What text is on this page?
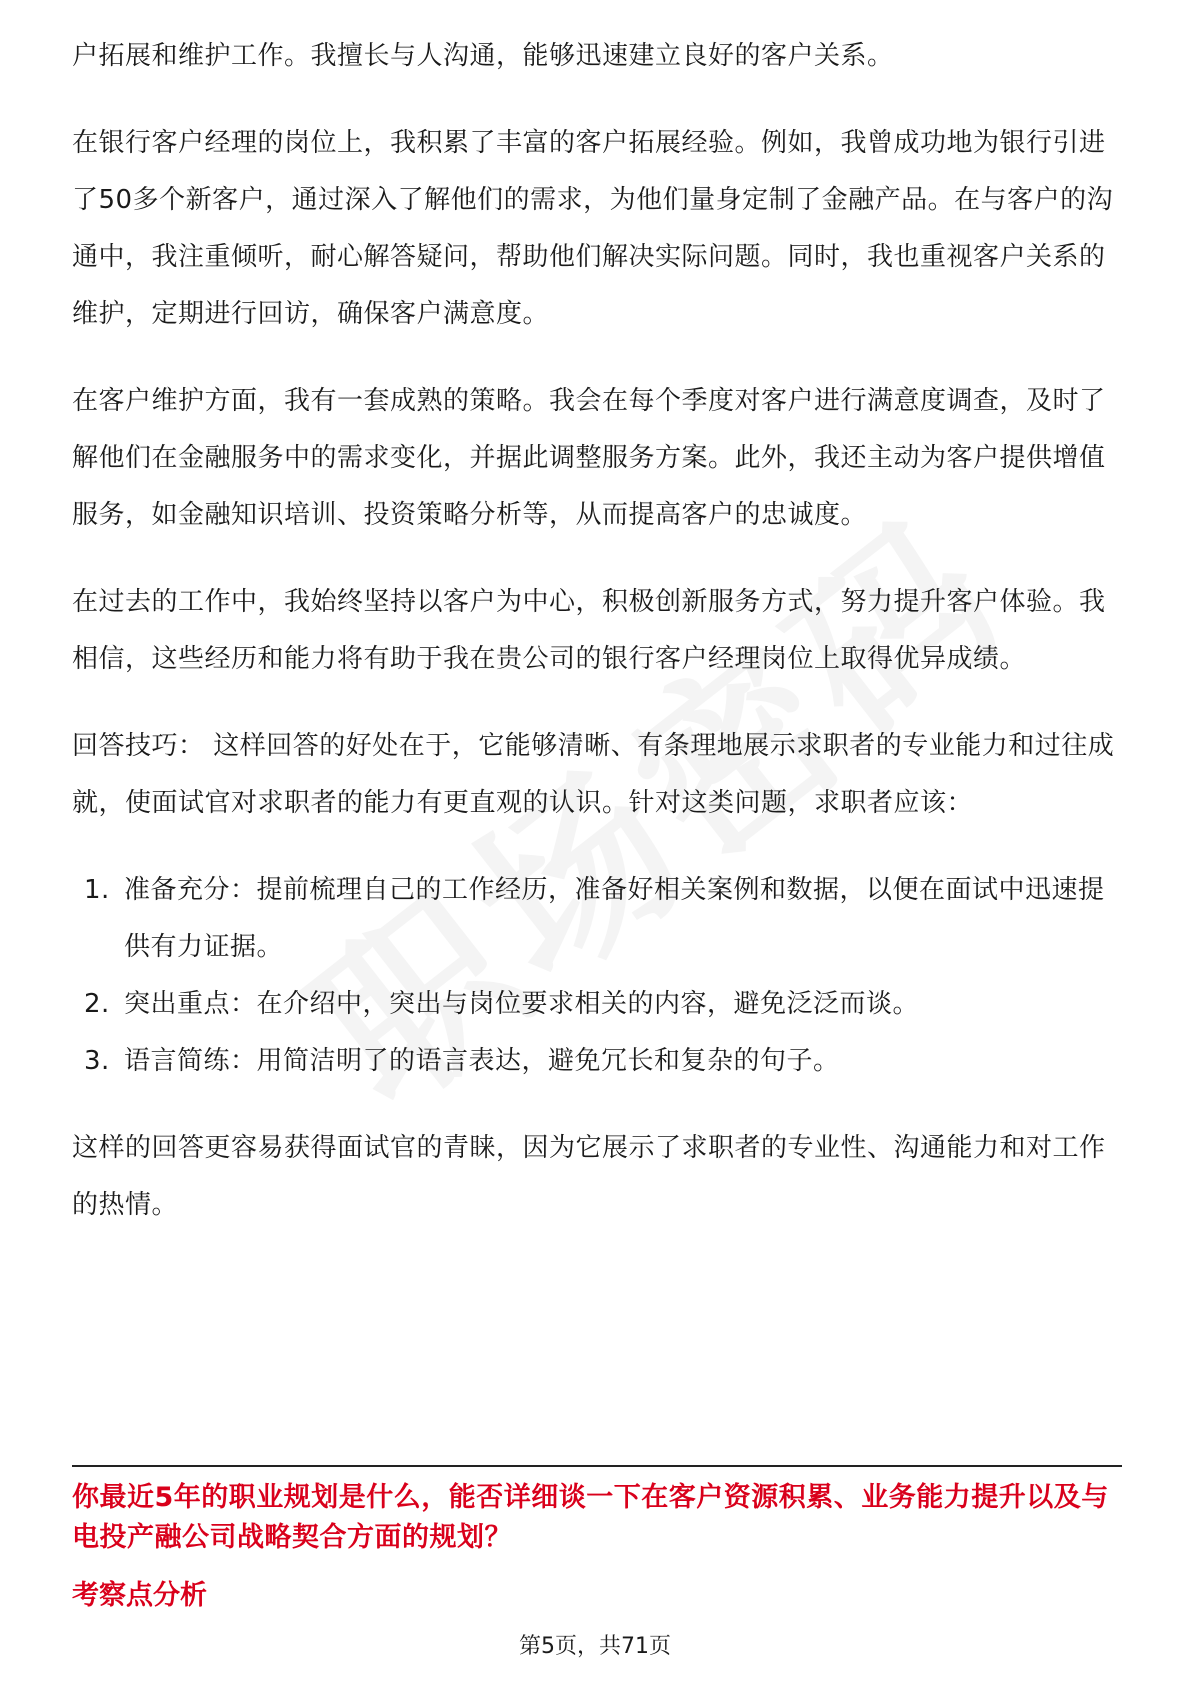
户拓展和维护工作。我擅长与人沟通，能够迅速建立良好的客户关系。

在银行客户经理的岗位上，我积累了丰富的客户拓展经验。例如，我曾成功地为银行引进了50多个新客户，通过深入了解他们的需求，为他们量身定制了金融产品。在与客户的沟通中，我注重倾听，耐心解答疑问，帮助他们解决实际问题。同时，我也重视客户关系的维护，定期进行回访，确保客户满意度。

在客户维护方面，我有一套成熟的策略。我会在每个季度对客户进行满意度调查，及时了解他们在金融服务中的需求变化，并据此调整服务方案。此外，我还主动为客户提供增值服务，如金融知识培训、投资策略分析等，从而提高客户的忠诚度。

在过去的工作中，我始终坚持以客户为中心，积极创新服务方式，努力提升客户体验。我相信，这些经历和能力将有助于我在贵公司的银行客户经理岗位上取得优异成绩。

回答技巧： 这样回答的好处在于，它能够清晰、有条理地展示求职者的专业能力和过往成就，使面试官对求职者的能力有更直观的认识。针对这类问题，求职者应该：

1. 准备充分：提前梳理自己的工作经历，准备好相关案例和数据，以便在面试中迅速提供有力证据。
2. 突出重点：在介绍中，突出与岗位要求相关的内容，避免泛泛而谈。
3. 语言简练：用简洁明了的语言表达，避免冗长和复杂的句子。

这样的回答更容易获得面试官的青睐，因为它展示了求职者的专业性、沟通能力和对工作的热情。

你最近5年的职业规划是什么，能否详细谈一下在客户资源积累、业务能力提升以及与电投产融公司战略契合方面的规划？

考察点分析

第5页，共71页
